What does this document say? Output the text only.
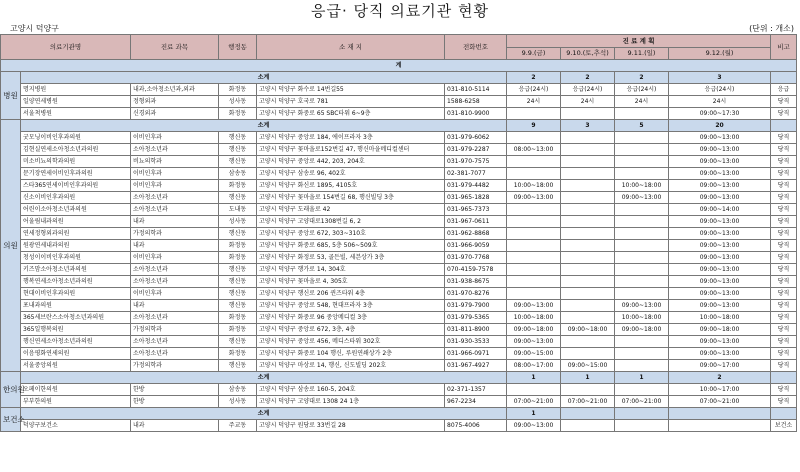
응급· 당직 의료기관 현황
고양시 덕양구	(단위 : 개소)
의료기관명		진료 과목	행정동	소 재 지	전화번호	진 료 계 획				비고
						9.9.(금)	9.10.(토,추석)	9.11.(일)	9.12.(월)	
계										
병원	소계					2	2	2	3	
	명지병원	내과,소아청소년과,외과	화정동	고양시 덕양구 화수로 14번길55	031-810-5114	응급(24시)	응급(24시)	응급(24시)	응급(24시)	응급
	일양연세병원	정형외과	성사동	고양시 덕양구 호국로 781	1588-6258	24시	24시	24시	24시	당직
	서울척병원	신경외과	화정동	고양시 덕양구 화중로 65 SBC타워 6~9층	031-810-9900				09:00~17:30	당직
의원	소계					9	3	5	20	
	굿모닝이비인후과의원	이비인후과	행신동	고양시 덕양구 중앙로 184, 에이프라자 3층	031-979-6062				09:00~13:00	당직
	김현실연세소아청소년과의원	소아청소년과	행신동	고양시 덕양구 꽃마을로152번길 47, 행신마을메디컬센터	031-979-2287	08:00~13:00			09:00~13:00	당직
	미소비뇨의학과의원	비뇨의학과	행신동	고양시 덕양구 중앙로 442, 203, 204호	031-970-7575				09:00~13:00	당직
	문기장연세이비인후과의원	이비인후과	삼송동	고양시 덕양구 삼송로 96, 402호	02-381-7077				09:00~13:00	당직
	스타365연세이비인후과의원	이비인후과	화정동	고양시 덕양구 화신로 1895, 4105호	031-979-4482	10:00~18:00		10:00~18:00	09:00~13:00	당직
	신소이비인후과의원	소아청소년과	행신동	고양시 덕양구 꽃마을로 154번길 68, 행신빌딩 3층	031-965-1828	09:00~13:00		09:00~13:00	09:00~13:00	당직
	어린이소아청소년과의원	소아청소년과	도내동	고양시 덕양구 도래울로 42	031-965-7373				09:00~14:00	당직
	어울림내과의원	내과	성사동	고양시 덕양구 고양대로1308번길 6, 2	031-967-0611				09:00~13:00	당직
	연세정형외과의원	가정의학과	행신동	고양시 덕양구 중앙로 672, 303~310호	031-962-8868				09:00~13:00	당직
	원광연세내과의원	내과	화정동	고양시 덕양구 화중로 685, 5층 506~509호	031-966-9059				09:00~13:00	당직
	청성이이비인후과의원	이비인후과	화정동	고양시 덕양구 화정로 53, 골든빌, 세븐상가 3층	031-970-7768				09:00~13:00	당직
	키즈맘소아청소년과의원	소아청소년과	행신동	고양시 덕양구 행가로 14, 304호	070-4159-7578				09:00~13:00	당직
	행복연세소아청소년과의원	소아청소년과	행신동	고양시 덕양구 꽃마을로 4, 305호	031-938-8675				09:00~13:00	당직
	현대이비인후과의원	이비인후과	행신동	고양시 덕양구 행신로 206 퀸즈타워 4층	031-970-8276				09:00~13:00	당직
	포내과의원	내과	행신동	고양시 덕양구 중앙로 548, 현대프라자 3층	031-979-7900	09:00~13:00		09:00~13:00	09:00~13:00	당직
	365세브란스소아청소년과의원	소아청소년과	화정동	고양시 덕양구 화중로 96 중앙메디컬 3층	031-979-5365	10:00~18:00		10:00~18:00	10:00~18:00	당직
	365일행복의원	가정의학과	화정동	고양시 덕양구 중앙로 672, 3층, 4층	031-811-8900	09:00~18:00	09:00~18:00	09:00~18:00	09:00~18:00	당직
	행신연세소아청소년과의원	소아청소년과	행신동	고양시 덕양구 중앙로 456, 메디스타워 302호	031-930-3533	09:00~13:00			09:00~13:00	당직
	이음평화연세의원	소아청소년과	화정동	고양시 덕양구 화중로 104 행신, 루원연쇄상가 2층	031-966-0971	09:00~15:00			09:00~13:00	당직
	서울중앙의원	가정의학과	행신동	고양시 덕양구 마상로 14, 행신, 신도빌딩 202호	031-967-4927	08:00~17:00	09:00~15:00		09:00~17:00	당직
한의원	소계					1	1	1	2	
	오페이한의원	한방	삼송동	고양시 덕양구 삼송로 160-5, 204호	02-371-1357				10:00~17:00	당직
	부부한의원	한방	성사동	고양시 덕양구 고양대로 1308 24 1층	967-2234	07:00~21:00	07:00~21:00	07:00~21:00	07:00~21:00	당직
보건소	소계					1				
	덕양구보건소	내과	주교동	고양시 덕양구 원당로 33번길 28	8075-4006	09:00~13:00				보건소
